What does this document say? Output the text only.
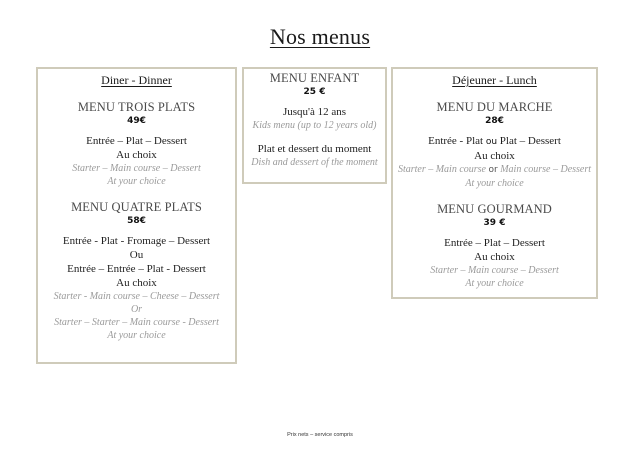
Nos menus
Diner - Dinner
MENU TROIS PLATS
49€
Entrée – Plat – Dessert
Au choix
Starter – Main course – Dessert
At your choice
MENU QUATRE PLATS
58€
Entrée - Plat - Fromage – Dessert
Ou
Entrée – Entrée – Plat - Dessert
Au choix
Starter - Main course – Cheese – Dessert
Or
Starter – Starter – Main course - Dessert
At your choice
MENU ENFANT
25 €
Jusqu'à 12 ans
Kids menu (up to 12 years old)
Plat et dessert du moment
Dish and dessert of the moment
Déjeuner - Lunch
MENU DU MARCHE
28€
Entrée - Plat ou Plat – Dessert
Au choix
Starter – Main course or Main course – Dessert
At your choice
MENU GOURMAND
39 €
Entrée – Plat – Dessert
Au choix
Starter – Main course – Dessert
At your choice
Prix nets – service compris
